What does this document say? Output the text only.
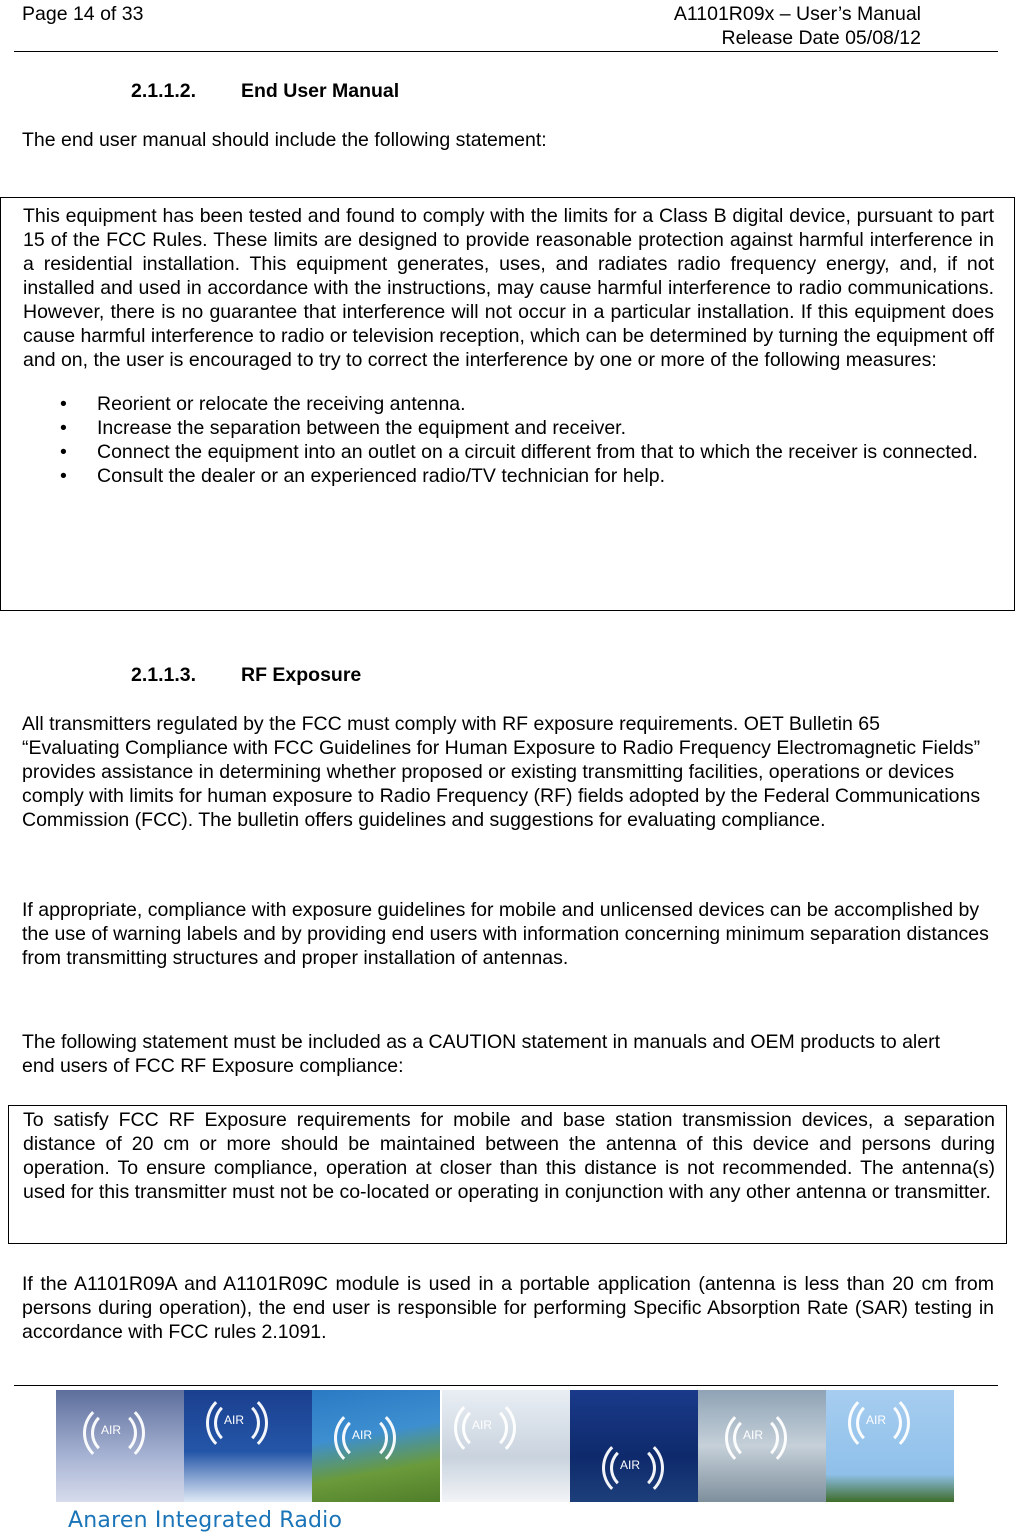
Page 14 of 33	A1101R09x – User’s Manual
Release Date 05/08/12
2.1.1.2. End User Manual
The end user manual should include the following statement:

This equipment has been tested and found to comply with the limits for a Class B digital device, pursuant to part 15 of the FCC Rules. These limits are designed to provide reasonable protection against harmful interference in a residential installation. This equipment generates, uses, and radiates radio frequency energy, and, if not installed and used in accordance with the instructions, may cause harmful interference to radio communications. However, there is no guarantee that interference will not occur in a particular installation. If this equipment does cause harmful interference to radio or television reception, which can be determined by turning the equipment off and on, the user is encouraged to try to correct the interference by one or more of the following measures:

• Reorient or relocate the receiving antenna.
• Increase the separation between the equipment and receiver.
• Connect the equipment into an outlet on a circuit different from that to which the receiver is connected.
• Consult the dealer or an experienced radio/TV technician for help.
2.1.1.3. RF Exposure
All transmitters regulated by the FCC must comply with RF exposure requirements. OET Bulletin 65 “Evaluating Compliance with FCC Guidelines for Human Exposure to Radio Frequency Electromagnetic Fields” provides assistance in determining whether proposed or existing transmitting facilities, operations or devices comply with limits for human exposure to Radio Frequency (RF) fields adopted by the Federal Communications Commission (FCC). The bulletin offers guidelines and suggestions for evaluating compliance.
If appropriate, compliance with exposure guidelines for mobile and unlicensed devices can be accomplished by the use of warning labels and by providing end users with information concerning minimum separation distances from transmitting structures and proper installation of antennas.
The following statement must be included as a CAUTION statement in manuals and OEM products to alert end users of FCC RF Exposure compliance:

To satisfy FCC RF Exposure requirements for mobile and base station transmission devices, a separation distance of 20 cm or more should be maintained between the antenna of this device and persons during operation. To ensure compliance, operation at closer than this distance is not recommended. The antenna(s) used for this transmitter must not be co-located or operating in conjunction with any other antenna or transmitter.

If the A1101R09A and A1101R09C module is used in a portable application (antenna is less than 20 cm from persons during operation), the end user is responsible for performing Specific Absorption Rate (SAR) testing in accordance with FCC rules 2.1091.
AIR
AIR
AIR
AIR
AIR
AIR
AIR
Anaren Integrated Radio
